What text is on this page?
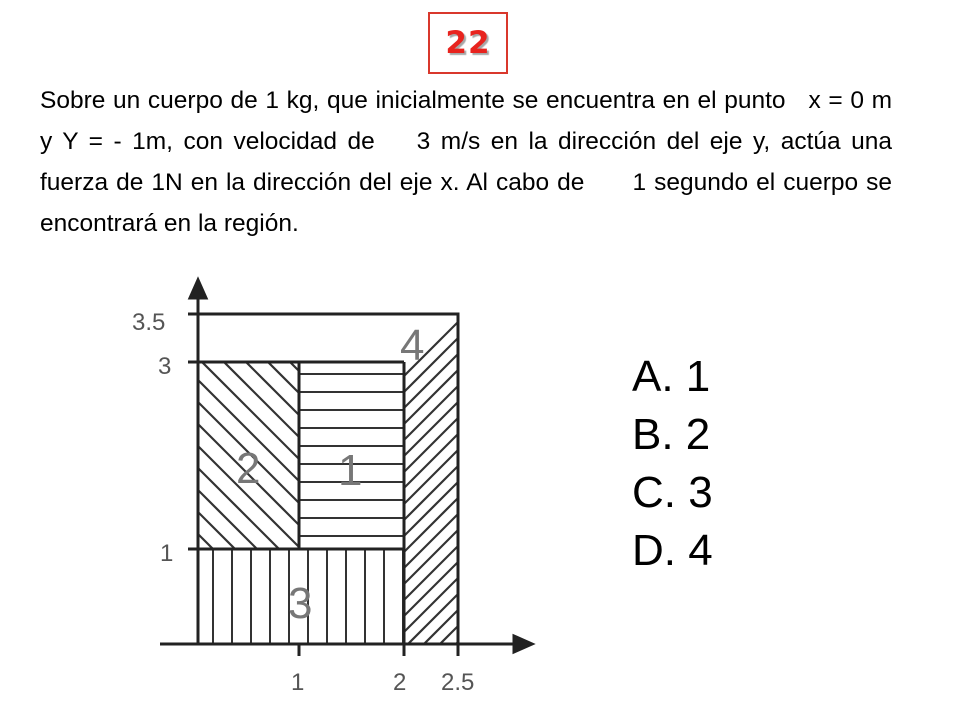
22

Sobre un cuerpo de 1 kg, que inicialmente se encuentra en el punto   x = 0 m y Y = - 1m, con velocidad de    3 m/s en la dirección del eje y, actúa una fuerza de 1N en la dirección del eje x. Al cabo de      1 segundo el cuerpo se encontrará en la región.

3.5
3
1
1	2 2.5
1
2
3
4
A. 1
B. 2
C. 3
D. 4
